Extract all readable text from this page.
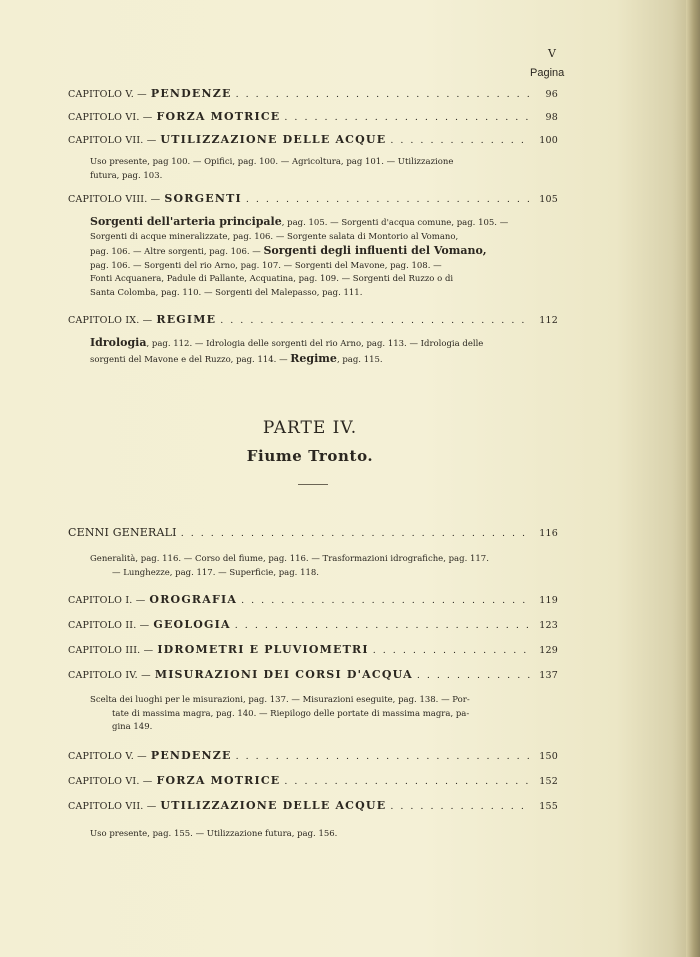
V
Pagina
CAPITOLO V. — PENDENZE . . .	96
CAPITOLO VI. — FORZA MOTRICE . . .	98
CAPITOLO VII. — UTILIZZAZIONE DELLE ACQUE . . .	100

Uso presente, pag 100. — Opifici, pag. 100. — Agricoltura, pag 101. — Utilizzazione

futura, pag. 103.

CAPITOLO VIII. — SORGENTI . . .	105

Sorgenti dell'arteria principale, pag. 105. — Sorgenti d'acqua comune, pag. 105. —

Sorgenti di acque mineralizzate, pag. 106. — Sorgente salata di Montorio al Vomano,

pag. 106. — Altre sorgenti, pag. 106. — Sorgenti degli influenti del Vomano,

pag. 106. — Sorgenti del rio Arno, pag. 107. — Sorgenti del Mavone, pag. 108. —

Fonti Acquanera, Padule di Pallante, Acquatina, pag. 109. — Sorgenti del Ruzzo o di

Santa Colomba, pag. 110. — Sorgenti del Malepasso, pag. 111.

CAPITOLO IX. — REGIME . . .	112

Idrologia, pag. 112. — Idrologia delle sorgenti del rio Arno, pag. 113. — Idrologia delle

sorgenti del Mavone e del Ruzzo, pag. 114. — Regime, pag. 115.

PARTE IV.
Fiume Tronto.
CENNI GENERALI . . .	116

Generalità, pag. 116. — Corso del fiume, pag. 116. — Trasformazioni idrografiche, pag. 117.

— Lunghezze, pag. 117. — Superficie, pag. 118.

CAPITOLO I. — OROGRAFIA . . .	119
CAPITOLO II. — GEOLOGIA . . .	123
CAPITOLO III. — IDROMETRI E PLUVIOMETRI . . .	129
CAPITOLO IV. — MISURAZIONI DEI CORSI D'ACQUA . . .	137

Scelta dei luoghi per le misurazioni, pag. 137. — Misurazioni eseguite, pag. 138. — Por-

tate di massima magra, pag. 140. — Riepilogo delle portate di massima magra, pa-

gina 149.

CAPITOLO V. — PENDENZE . . .	150
CAPITOLO VI. — FORZA MOTRICE . . .	152
CAPITOLO VII. — UTILIZZAZIONE DELLE ACQUE . . .	155

Uso presente, pag. 155. — Utilizzazione futura, pag. 156.
